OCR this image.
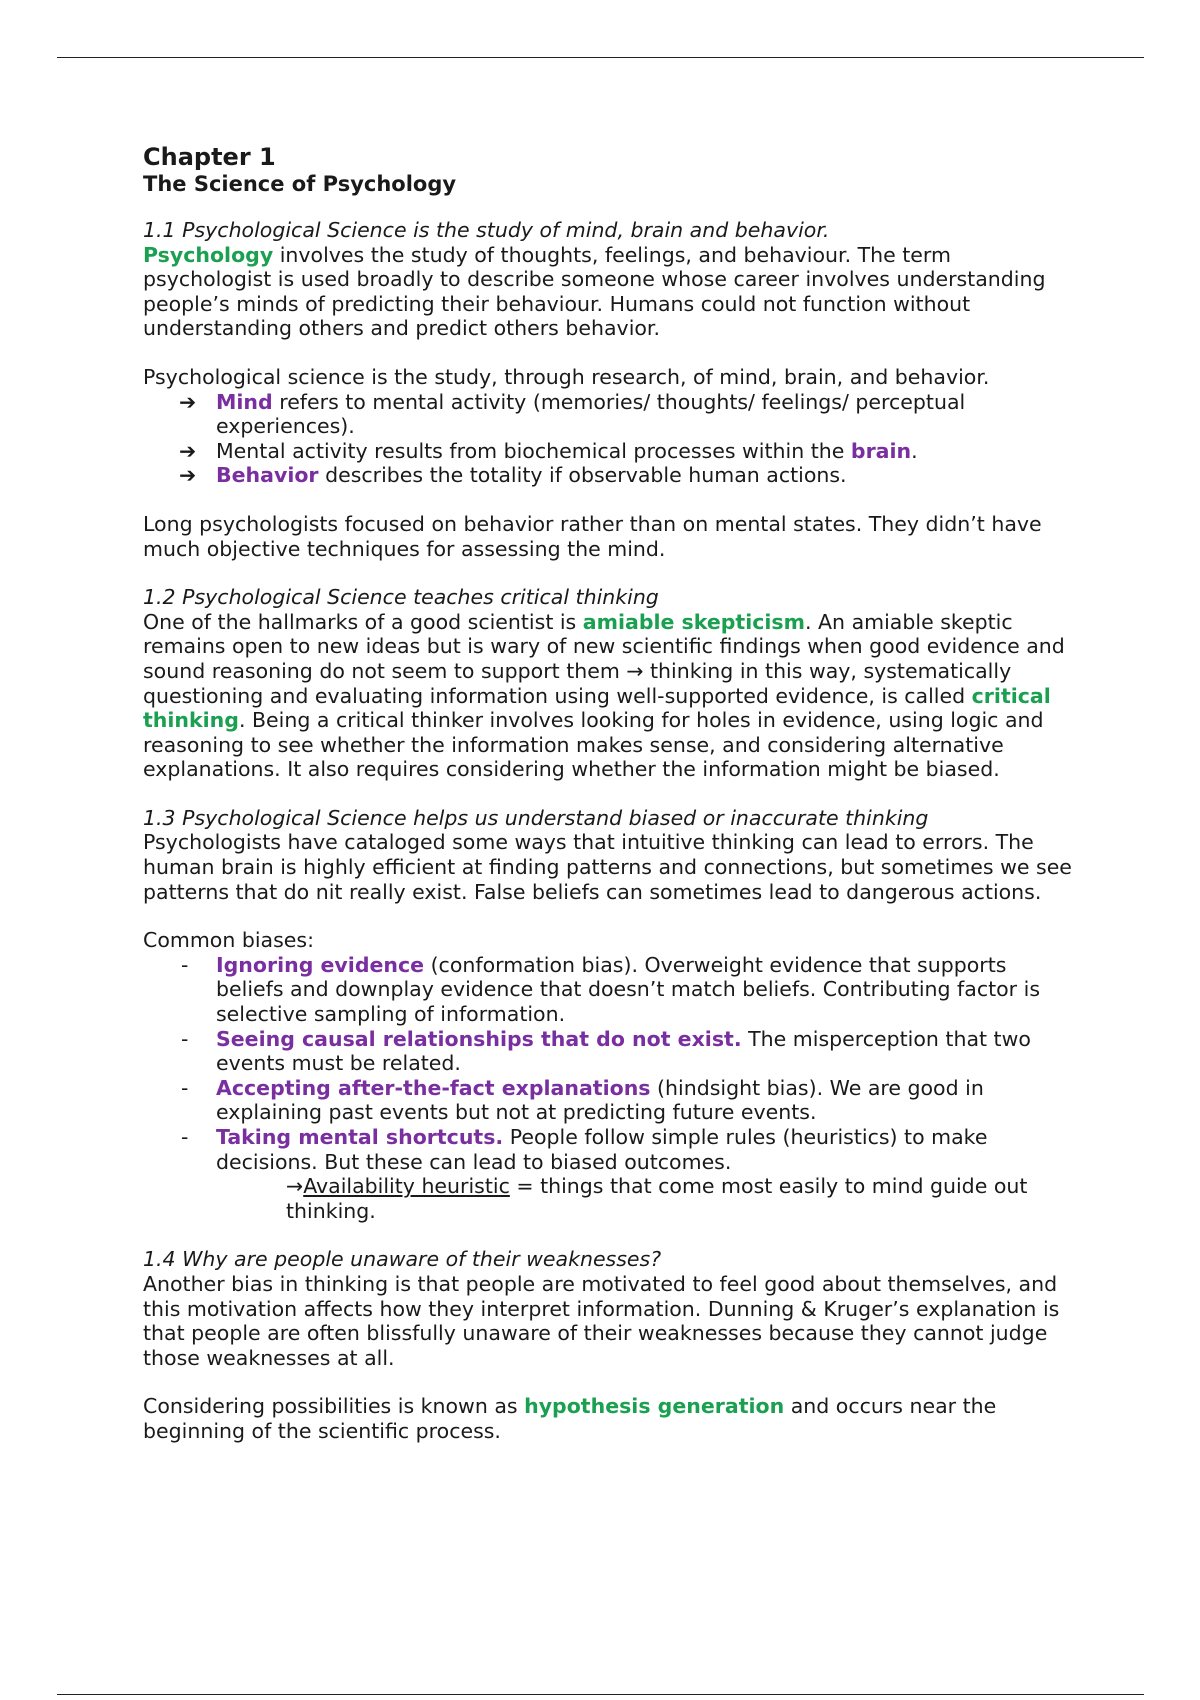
Chapter 1

The Science of Psychology

1.1 Psychological Science is the study of mind, brain and behavior.

Psychology involves the study of thoughts, feelings, and behaviour. The term psychologist is used broadly to describe someone whose career involves understanding people’s minds of predicting their behaviour. Humans could not function without understanding others and predict others behavior.

Psychological science is the study, through research, of mind, brain, and behavior.

➔ Mind refers to mental activity (memories/ thoughts/ feelings/ perceptual experiences).
➔ Mental activity results from biochemical processes within the brain.
➔ Behavior describes the totality if observable human actions.

Long psychologists focused on behavior rather than on mental states. They didn’t have much objective techniques for assessing the mind.

1.2 Psychological Science teaches critical thinking

One of the hallmarks of a good scientist is amiable skepticism. An amiable skeptic remains open to new ideas but is wary of new scientific findings when good evidence and sound reasoning do not seem to support them → thinking in this way, systematically questioning and evaluating information using well-supported evidence, is called critical thinking. Being a critical thinker involves looking for holes in evidence, using logic and reasoning to see whether the information makes sense, and considering alternative explanations. It also requires considering whether the information might be biased.

1.3 Psychological Science helps us understand biased or inaccurate thinking

Psychologists have cataloged some ways that intuitive thinking can lead to errors. The human brain is highly efficient at finding patterns and connections, but sometimes we see patterns that do nit really exist. False beliefs can sometimes lead to dangerous actions.

Common biases:

- Ignoring evidence (conformation bias). Overweight evidence that supports beliefs and downplay evidence that doesn’t match beliefs. Contributing factor is selective sampling of information.
- Seeing causal relationships that do not exist. The misperception that two events must be related.
- Accepting after-the-fact explanations (hindsight bias). We are good in explaining past events but not at predicting future events.
- Taking mental shortcuts. People follow simple rules (heuristics) to make decisions. But these can lead to biased outcomes.

→Availability heuristic = things that come most easily to mind guide out thinking.

1.4 Why are people unaware of their weaknesses?

Another bias in thinking is that people are motivated to feel good about themselves, and this motivation affects how they interpret information. Dunning & Kruger’s explanation is that people are often blissfully unaware of their weaknesses because they cannot judge those weaknesses at all.

Considering possibilities is known as hypothesis generation and occurs near the beginning of the scientific process.
